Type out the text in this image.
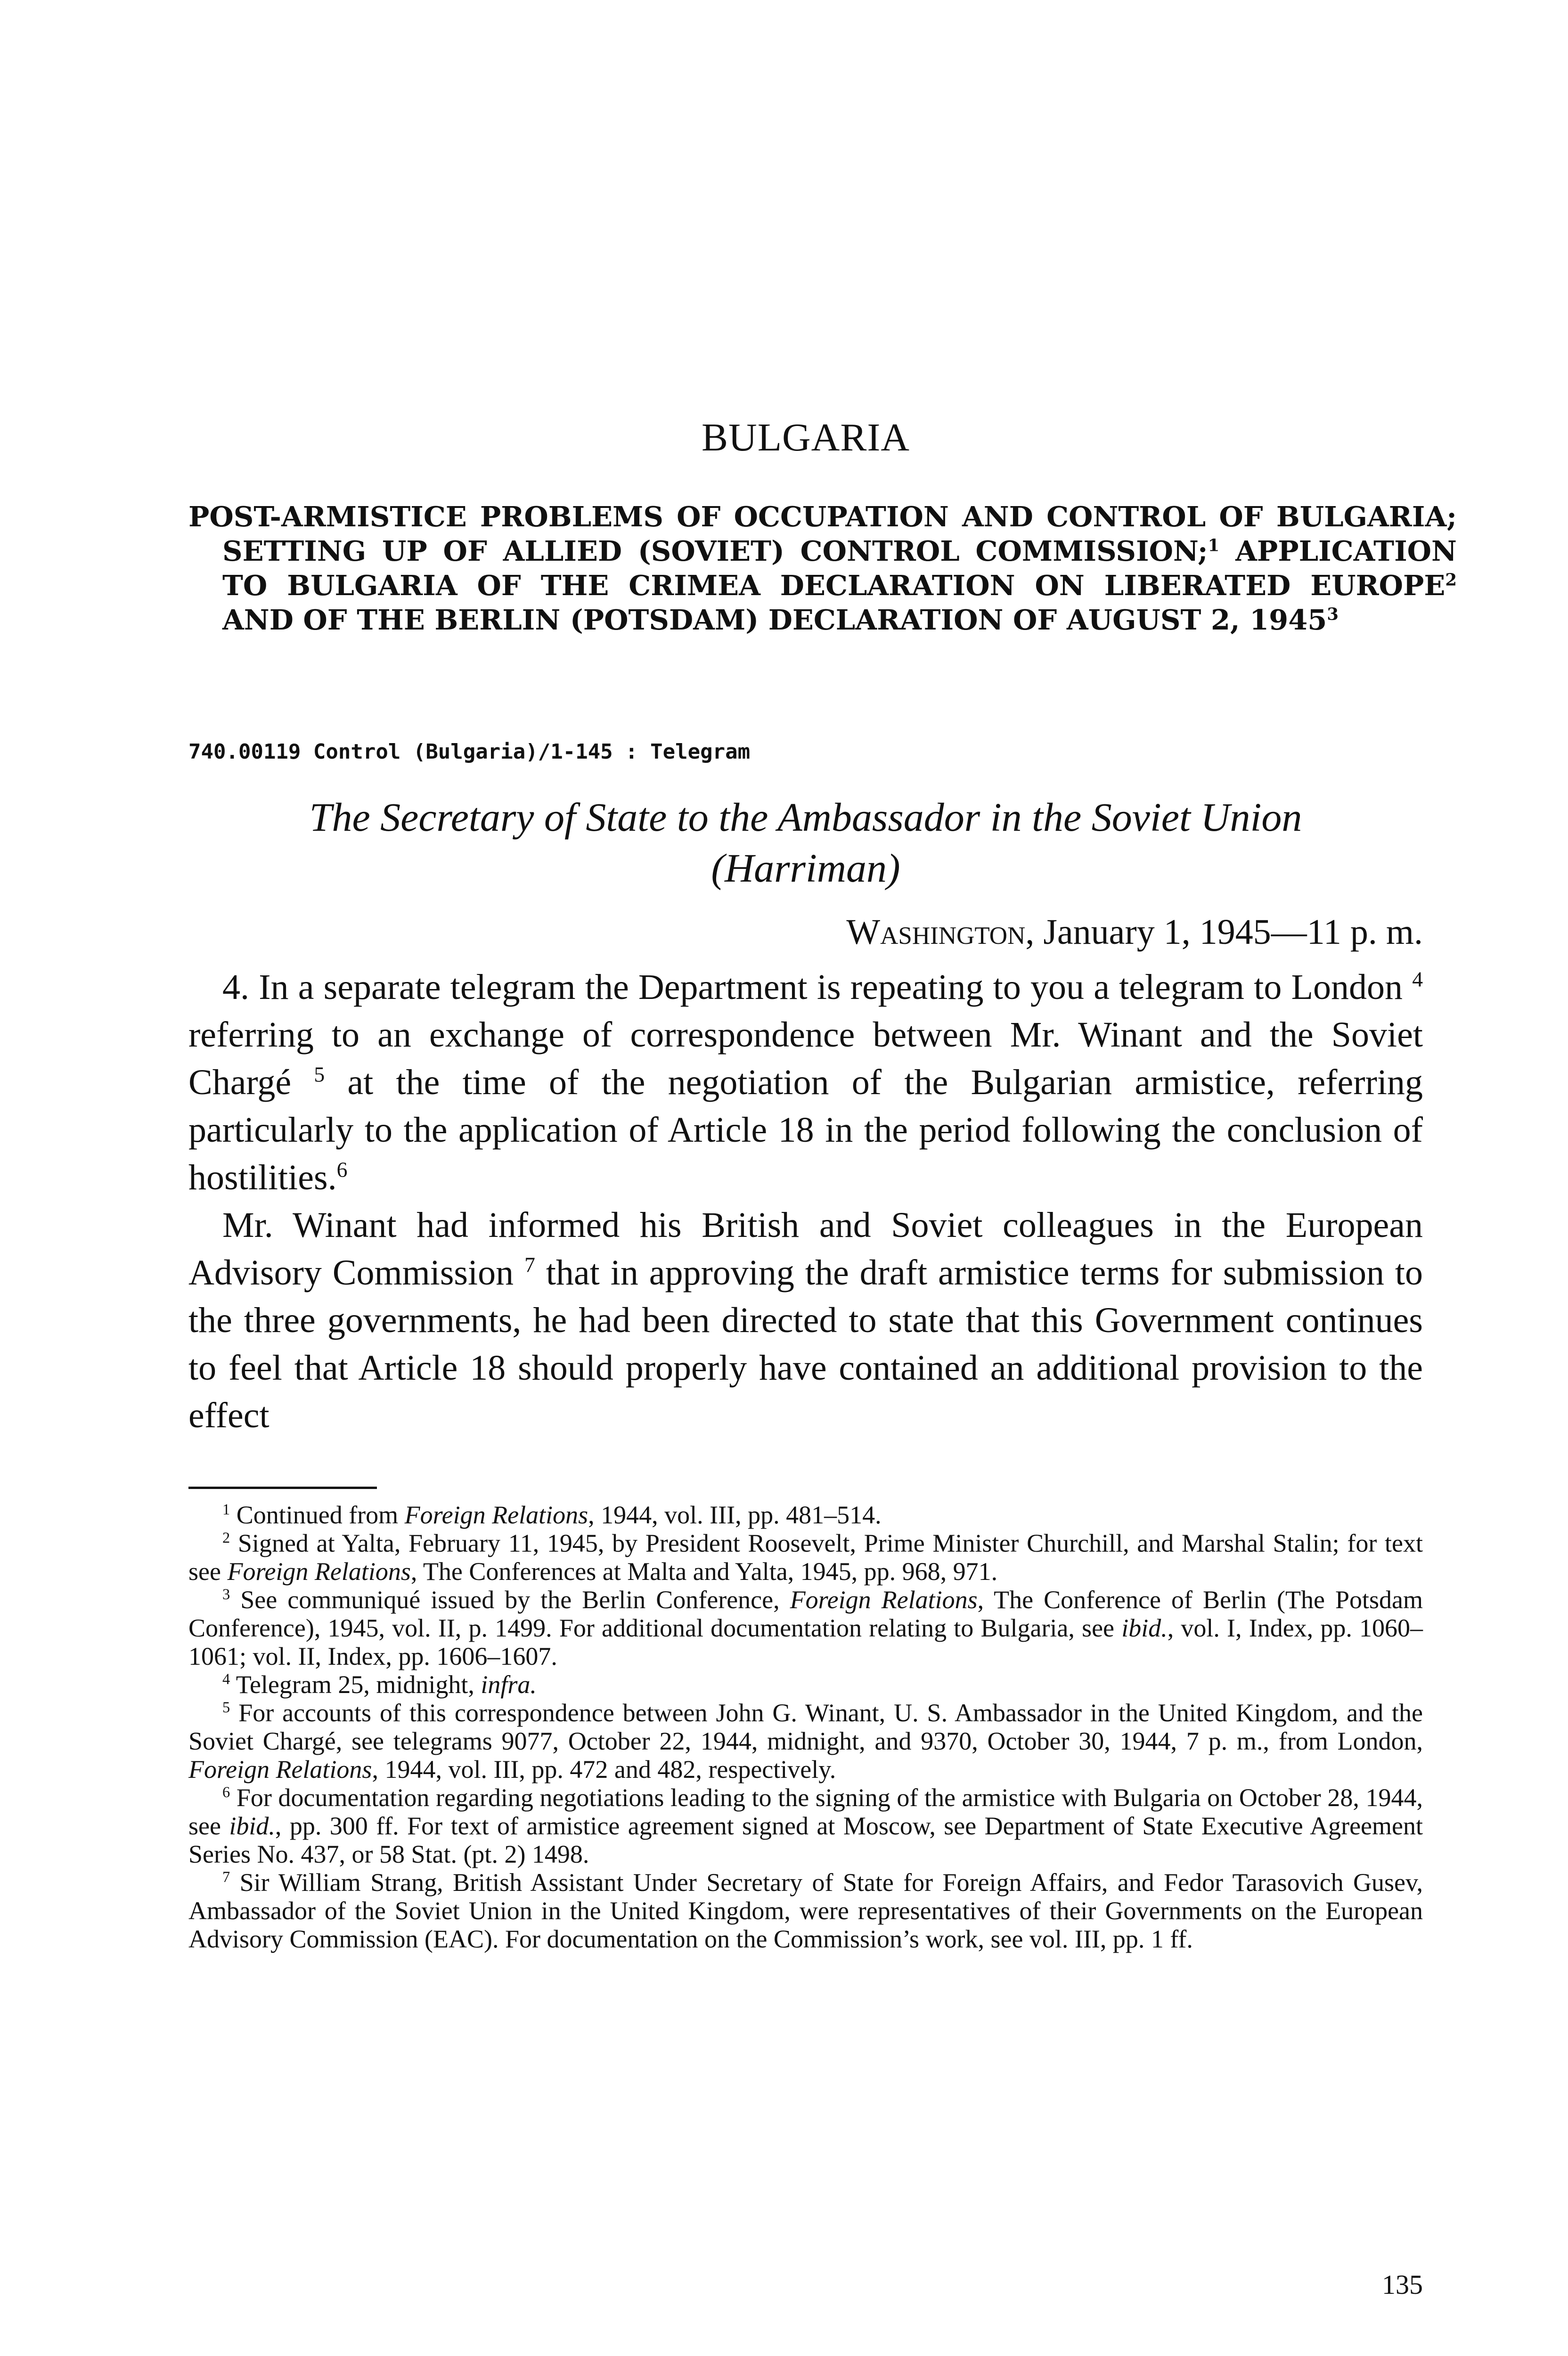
BULGARIA
POST-ARMISTICE PROBLEMS OF OCCUPATION AND CONTROL OF BULGARIA; SETTING UP OF ALLIED (SOVIET) CONTROL COMMISSION;$^1$ APPLICATION TO BULGARIA OF THE CRIMEA DECLARATION ON LIBERATED EUROPE$^2$ AND OF THE BERLIN (POTSDAM) DECLARATION OF AUGUST 2, 1945$^3$
740.00119 Control (Bulgaria)/1-145 : Telegram
The Secretary of State to the Ambassador in the Soviet Union
(Harriman)
Washington, January 1, 1945—11 p. m.

4. In a separate telegram the Department is repeating to you a telegram to London $^4$ referring to an exchange of correspondence between Mr. Winant and the Soviet Chargé $^5$ at the time of the negotiation of the Bulgarian armistice, referring particularly to the application of Article 18 in the period following the conclusion of hostilities.$^6$

Mr. Winant had informed his British and Soviet colleagues in the European Advisory Commission $^7$ that in approving the draft armistice terms for submission to the three governments, he had been directed to state that this Government continues to feel that Article 18 should properly have contained an additional provision to the effect

$^1$ Continued from Foreign Relations, 1944, vol. III, pp. 481–514.

$^2$ Signed at Yalta, February 11, 1945, by President Roosevelt, Prime Minister Churchill, and Marshal Stalin; for text see Foreign Relations, The Conferences at Malta and Yalta, 1945, pp. 968, 971.

$^3$ See communiqué issued by the Berlin Conference, Foreign Relations, The Conference of Berlin (The Potsdam Conference), 1945, vol. II, p. 1499. For additional documentation relating to Bulgaria, see ibid., vol. I, Index, pp. 1060–1061; vol. II, Index, pp. 1606–1607.

$^4$ Telegram 25, midnight, infra.

$^5$ For accounts of this correspondence between John G. Winant, U. S. Ambassador in the United Kingdom, and the Soviet Chargé, see telegrams 9077, October 22, 1944, midnight, and 9370, October 30, 1944, 7 p. m., from London, Foreign Relations, 1944, vol. III, pp. 472 and 482, respectively.

$^6$ For documentation regarding negotiations leading to the signing of the armistice with Bulgaria on October 28, 1944, see ibid., pp. 300 ff. For text of armistice agreement signed at Moscow, see Department of State Executive Agreement Series No. 437, or 58 Stat. (pt. 2) 1498.

$^7$ Sir William Strang, British Assistant Under Secretary of State for Foreign Affairs, and Fedor Tarasovich Gusev, Ambassador of the Soviet Union in the United Kingdom, were representatives of their Governments on the European Advisory Commission (EAC). For documentation on the Commission’s work, see vol. III, pp. 1 ff.

135
